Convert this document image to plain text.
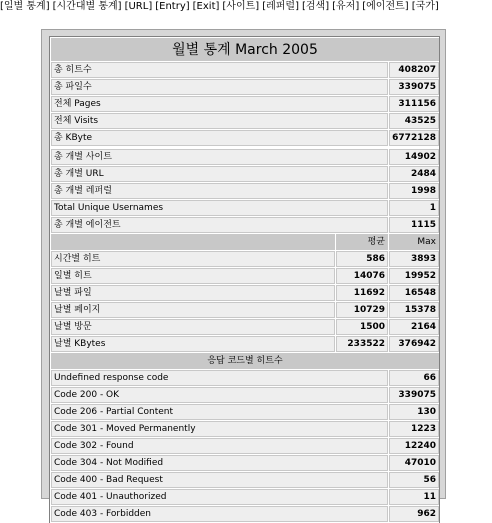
[일별 통계] [시간대별 통계] [URL] [Entry] [Exit] [사이트] [레퍼럴] [검색] [유저] [에이전트] [국가]
월별 통계 March 2005		
총 히트수		408207
총 파일수		339075
전체 Pages		311156
전체 Visits		43525
총 KByte		6772128

총 개별 사이트		14902
총 개별 URL		2484
총 개별 레퍼럴		1998
Total Unique Usernames		1
총 개별 에이전트		1115
	평균	Max
시간별 히트	586	3893
일별 히트	14076	19952
날별 파일	11692	16548
날별 페이지	10729	15378
날별 방문	1500	2164
날별 KBytes	233522	376942
응답 코드별 히트수		
Undefined response code		66
Code 200 - OK		339075
Code 206 - Partial Content		130
Code 301 - Moved Permanently		1223
Code 302 - Found		12240
Code 304 - Not Modified		47010
Code 400 - Bad Request		56
Code 401 - Unauthorized		11
Code 403 - Forbidden		962
